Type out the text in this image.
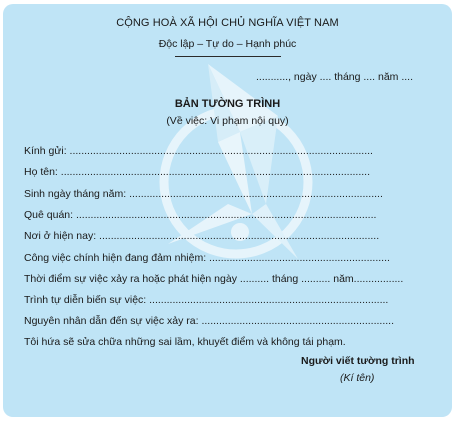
CỘNG HOÀ XÃ HỘI CHỦ NGHĨA VIỆT NAM
Độc lập – Tự do – Hạnh phúc
..........., ngày .... tháng .... năm ....
BẢN TƯỜNG TRÌNH
(Về việc: Vi phạm nội quy)
Kính gửi: ........................................................................................................
Họ tên: ..........................................................................................................
Sinh ngày tháng năm: .......................................................................................
Quê quán: .......................................................................................................
Nơi ở hiện nay: ................................................................................................
Công việc chính hiện đang đảm nhiệm: ..............................................................
Thời điểm sự việc xảy ra hoặc phát hiện ngày .......... tháng .......... năm.................
Trình tự diễn biến sự việc: ..................................................................................
Nguyên nhân dẫn đến sự việc xảy ra: ..................................................................
Tôi hứa sẽ sửa chữa những sai lầm, khuyết điểm và không tái phạm.
Người viết tường trình
(Kí tên)
